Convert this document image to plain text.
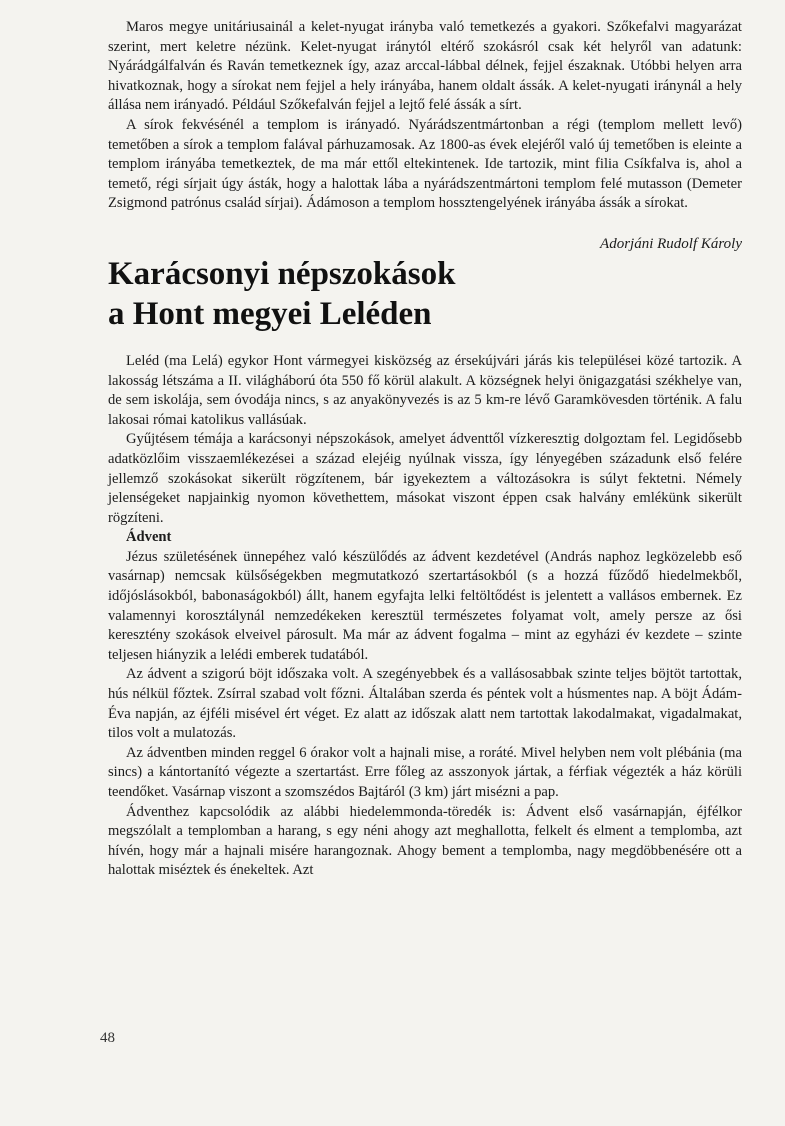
Maros megye unitáriusainál a kelet-nyugat irányba való temetkezés a gyakori. Szőkefalvi magyarázat szerint, mert keletre nézünk. Kelet-nyugat iránytól eltérő szokásról csak két helyről van adatunk: Nyárádgálfalván és Raván temetkeznek így, azaz arccal-lábbal délnek, fejjel északnak. Utóbbi helyen arra hivatkoznak, hogy a sírokat nem fejjel a hely irányába, hanem oldalt ássák. A kelet-nyugati iránynál a hely állása nem irányadó. Például Szőkefalván fejjel a lejtő felé ássák a sírt.

A sírok fekvésénél a templom is irányadó. Nyárádszentmártonban a régi (templom mellett levő) temetőben a sírok a templom falával párhuzamosak. Az 1800-as évek elejéről való új temetőben is eleinte a templom irányába temetkeztek, de ma már ettől eltekintenek. Ide tartozik, mint filia Csíkfalva is, ahol a temető, régi sírjait úgy ásták, hogy a halottak lába a nyárádszentmártoni templom felé mutasson (Demeter Zsigmond patrónus család sírjai). Ádámoson a templom hossztengelyének irányába ássák a sírokat.

Adorjáni Rudolf Károly
Karácsonyi népszokások
a Hont megyei Leléden

Leléd (ma Lelá) egykor Hont vármegyei kisközség az érsekújvári járás kis települései közé tartozik. A lakosság létszáma a II. világháború óta 550 fő körül alakult. A községnek helyi önigazgatási székhelye van, de sem iskolája, sem óvodája nincs, s az anyakönyvezés is az 5 km-re lévő Garamkövesden történik. A falu lakosai római katolikus vallásúak.

Gyűjtésem témája a karácsonyi népszokások, amelyet ádventtől vízkeresztig dolgoztam fel. Legidősebb adatközlőim visszaemlékezései a század elejéig nyúlnak vissza, így lényegében századunk első felére jellemző szokásokat sikerült rögzítenem, bár igyekeztem a változásokra is súlyt fektetni. Némely jelenségeket napjainkig nyomon követhettem, másokat viszont éppen csak halvány emlékünk sikerült rögzíteni.

Ádvent

Jézus születésének ünnepéhez való készülődés az ádvent kezdetével (András naphoz legközelebb eső vasárnap) nemcsak külsőségekben megmutatkozó szertartásokból (s a hozzá fűződő hiedelmekből, időjóslásokból, babonaságokból) állt, hanem egyfajta lelki feltöltődést is jelentett a vallásos embernek. Ez valamennyi korosztálynál nemzedékeken keresztül természetes folyamat volt, amely persze az ősi keresztény szokások elveivel párosult. Ma már az ádvent fogalma – mint az egyházi év kezdete – szinte teljesen hiányzik a lelédi emberek tudatából.

Az ádvent a szigorú böjt időszaka volt. A szegényebbek és a vallásosabbak szinte teljes böjtöt tartottak, hús nélkül főztek. Zsírral szabad volt főzni. Általában szerda és péntek volt a húsmentes nap. A böjt Ádám-Éva napján, az éjféli misével ért véget. Ez alatt az időszak alatt nem tartottak lakodalmakat, vigadalmakat, tilos volt a mulatozás.

Az ádventben minden reggel 6 órakor volt a hajnali mise, a roráté. Mivel helyben nem volt plébánia (ma sincs) a kántortanító végezte a szertartást. Erre főleg az asszonyok jártak, a férfiak végezték a ház körüli teendőket. Vasárnap viszont a szomszédos Bajtáról (3 km) járt misézni a pap.

Ádventhez kapcsolódik az alábbi hiedelemmonda-töredék is: Ádvent első vasárnapján, éjfélkor megszólalt a templomban a harang, s egy néni ahogy azt meghallotta, felkelt és elment a templomba, azt hívén, hogy már a hajnali misére harangoznak. Ahogy bement a templomba, nagy megdöbbenésére ott a halottak miséztek és énekeltek. Azt

48
